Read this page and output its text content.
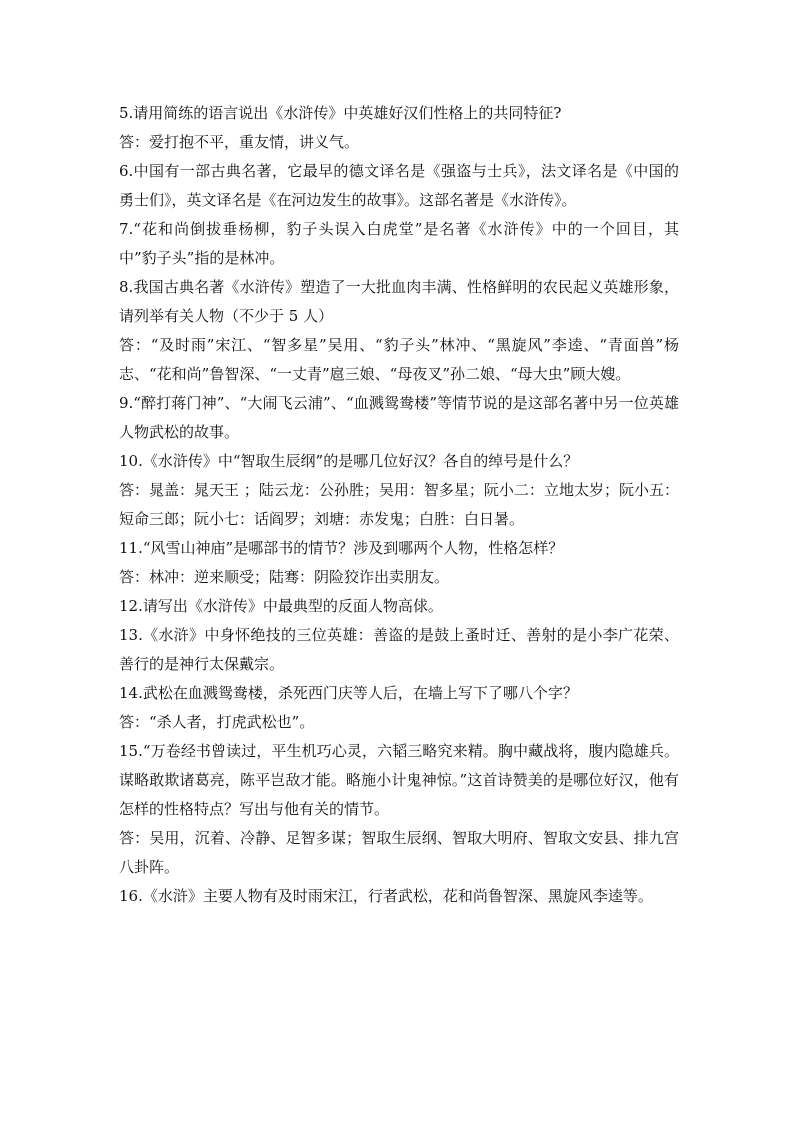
5.请用简练的语言说出《水浒传》中英雄好汉们性格上的共同特征?

答：爱打抱不平，重友情，讲义气。

6.中国有一部古典名著，它最早的德文译名是《强盗与士兵》，法文译名是《中国的勇士们》，英文译名是《在河边发生的故事》。这部名著是《水浒传》。

7.“花和尚倒拔垂杨柳，豹子头误入白虎堂”是名著《水浒传》中的一个回目，其中”豹子头”指的是林冲。

8.我国古典名著《水浒传》塑造了一大批血肉丰满、性格鲜明的农民起义英雄形象，请列举有关人物（不少于 5 人）

答：“及时雨”宋江、“智多星”吴用、“豹子头”林冲、“黑旋风”李逵、“青面兽”杨志、“花和尚”鲁智深、“一丈青”扈三娘、“母夜叉”孙二娘、“母大虫”顾大嫂。

9.“醉打蒋门神”、“大闹飞云浦”、“血溅鸳鸯楼”等情节说的是这部名著中另一位英雄人物武松的故事。

10.《水浒传》中“智取生辰纲”的是哪几位好汉？各自的绰号是什么？

答：晁盖：晁天王 ；陆云龙：公孙胜；吴用：智多星；阮小二：立地太岁；阮小五：短命三郎；阮小七：话阎罗；刘塘：赤发鬼；白胜：白日暑。

11.“风雪山神庙”是哪部书的情节？涉及到哪两个人物，性格怎样？

答：林冲：逆来顺受；陆骞：阴险狡诈出卖朋友。

12.请写出《水浒传》中最典型的反面人物高俅。

13.《水浒》中身怀绝技的三位英雄：善盗的是鼓上蚤时迁、善射的是小李广花荣、善行的是神行太保戴宗。

14.武松在血溅鸳鸯楼，杀死西门庆等人后，在墙上写下了哪八个字？

答：“杀人者，打虎武松也”。

15.“万卷经书曾读过，平生机巧心灵，六韬三略究来精。胸中藏战将，腹内隐雄兵。谋略敢欺诸葛亮，陈平岂敌才能。略施小计鬼神惊。”这首诗赞美的是哪位好汉，他有怎样的性格特点？写出与他有关的情节。

答：吴用，沉着、冷静、足智多谋；智取生辰纲、智取大明府、智取文安县、排九宫八卦阵。

16.《水浒》主要人物有及时雨宋江，行者武松，花和尚鲁智深、黑旋风李逵等。
